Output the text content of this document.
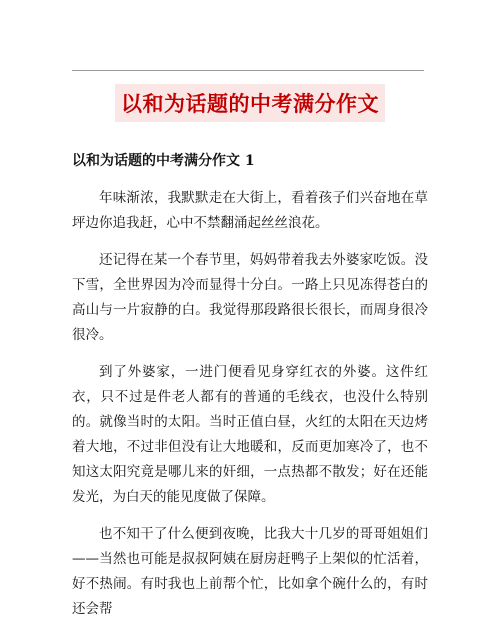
以和为话题的中考满分作文
以和为话题的中考满分作文 1

年味渐浓，我默默走在大街上，看着孩子们兴奋地在草坪边你追我赶，心中不禁翻涌起丝丝浪花。

还记得在某一个春节里，妈妈带着我去外婆家吃饭。没下雪，全世界因为冷而显得十分白。一路上只见冻得苍白的高山与一片寂静的白。我觉得那段路很长很长，而周身很冷很冷。

到了外婆家，一进门便看见身穿红衣的外婆。这件红衣，只不过是件老人都有的普通的毛线衣，也没什么特别的。就像当时的太阳。当时正值白昼，火红的太阳在天边烤着大地，不过非但没有让大地暖和，反而更加寒冷了，也不知这太阳究竟是哪儿来的奸细，一点热都不散发；好在还能发光，为白天的能见度做了保障。

也不知干了什么便到夜晚，比我大十几岁的哥哥姐姐们——当然也可能是叔叔阿姨在厨房赶鸭子上架似的忙活着，好不热闹。有时我也上前帮个忙，比如拿个碗什么的，有时还会帮
